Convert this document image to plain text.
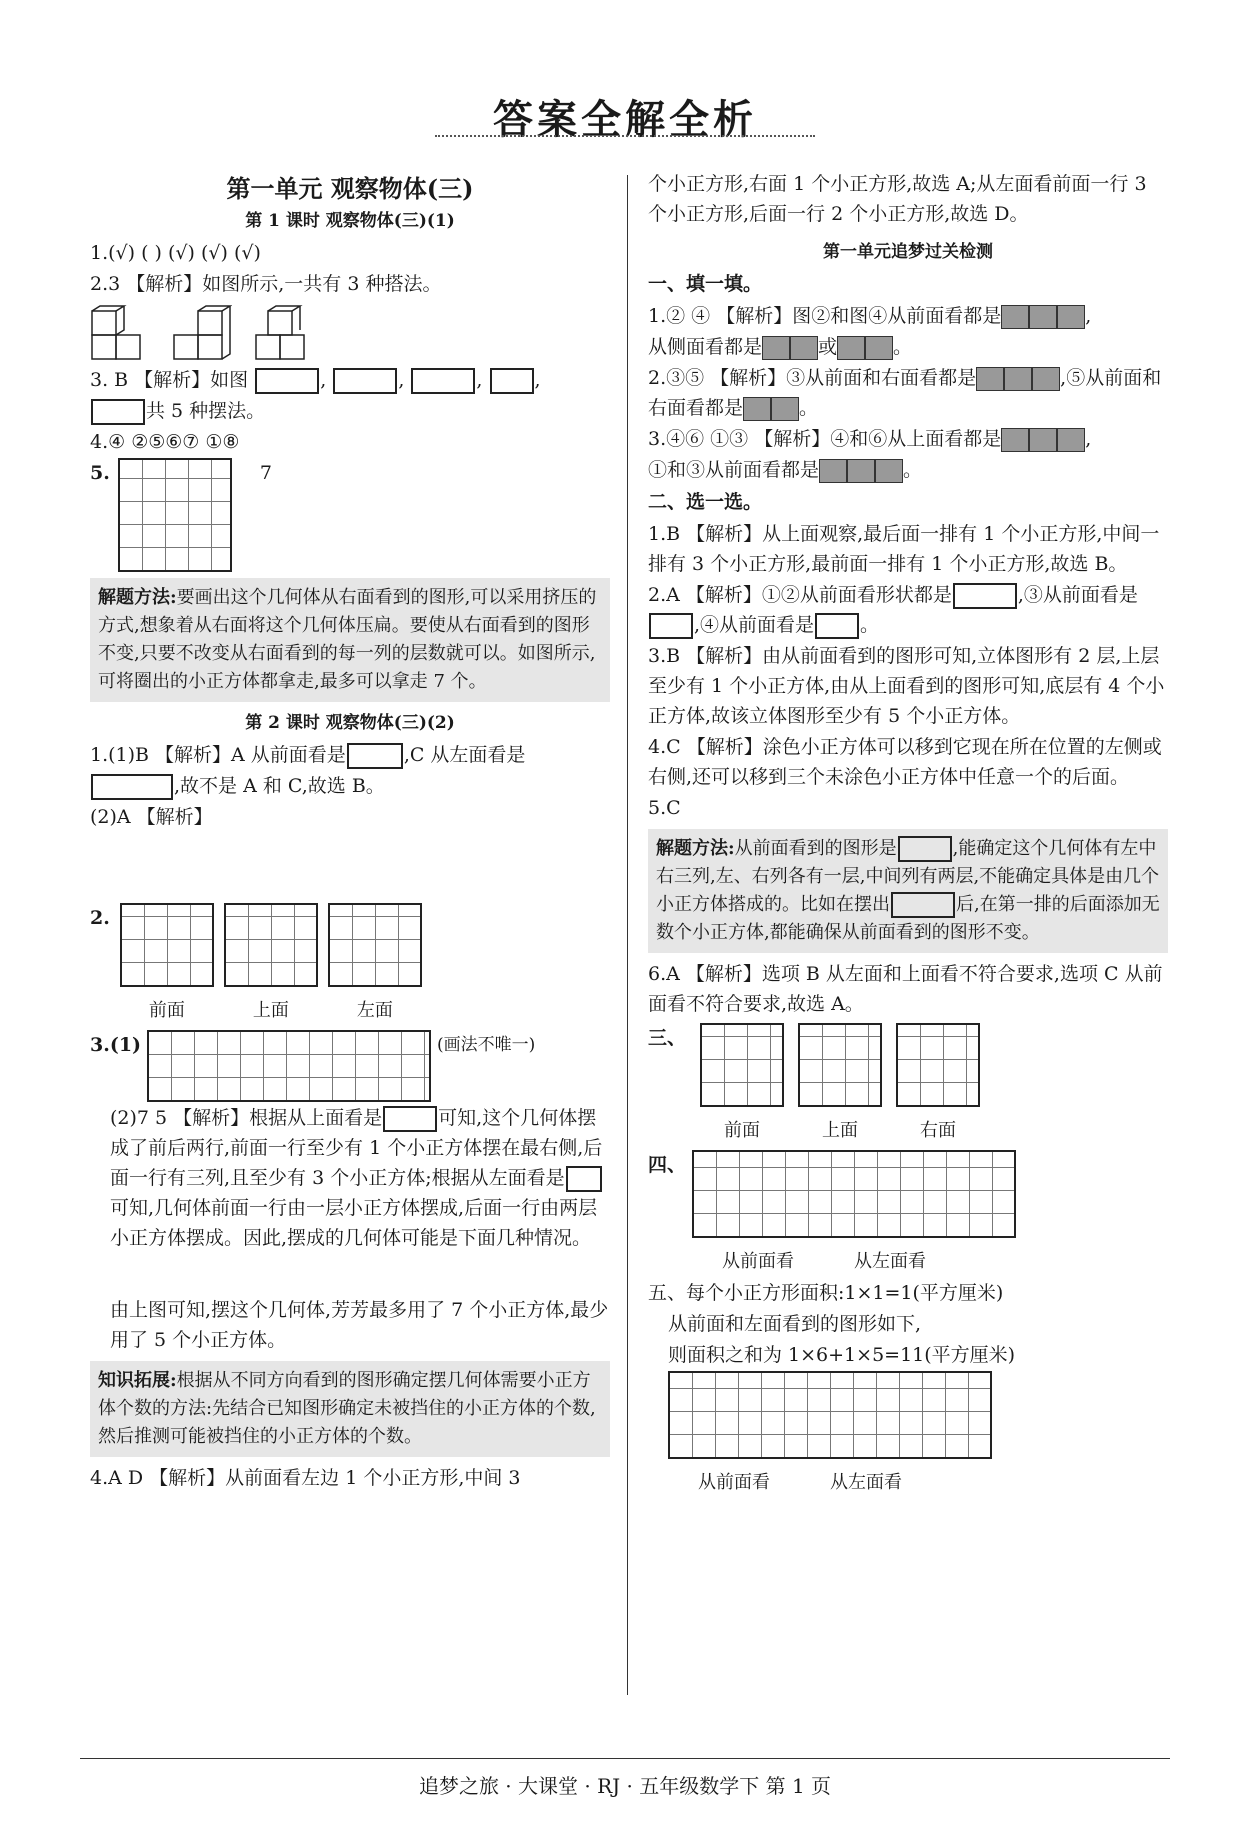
答案全解全析
第一单元 观察物体(三)
第 1 课时 观察物体(三)(1)

1.(√) ( ) (√) (√) (√)

2.3 【解析】如图所示,一共有 3 种搭法。

3. B 【解析】如图	,	,	, ,

共 5 种摆法。

4.④ ②⑤⑥⑦ ①⑧

5.	7
解题方法:要画出这个几何体从右面看到的图形,可以采用挤压的方式,想象着从右面将这个几何体压扁。要使从右面看到的图形不变,只要不改变从右面看到的每一列的层数就可以。如图所示,可将圈出的小正方体都拿走,最多可以拿走 7 个。
第 2 课时 观察物体(三)(2)

1.(1)B 【解析】A 从前面看是	,C 从左面看是

,故不是 A 和 C,故选 B。

(2)A 【解析】

2.
前面	上面	左面
3.(1)	(画法不唯一)

(2)7 5 【解析】根据从上面看是	可知,这个几何体摆成了前后两行,前面一行至少有 1 个小正方体摆在最右侧,后面一行有三列,且至少有 3 个小正方体;根据从左面看是可知,几何体前面一行由一层小正方体摆成,后面一行由两层小正方体摆成。因此,摆成的几何体可能是下面几种情况。

由上图可知,摆这个几何体,芳芳最多用了 7 个小正方体,最少用了 5 个小正方体。

知识拓展:根据从不同方向看到的图形确定摆几何体需要小正方体个数的方法:先结合已知图形确定未被挡住的小正方体的个数,然后推测可能被挡住的小正方体的个数。

4.A D 【解析】从前面看左边 1 个小正方形,中间 3

个小正方形,右面 1 个小正方形,故选 A;从左面看前面一行 3 个小正方形,后面一行 2 个小正方形,故选 D。

第一单元追梦过关检测

一、填一填。

1.② ④ 【解析】图②和图④从前面看都是	,

从侧面看都是	或	。

2.③⑤ 【解析】③从前面和右面看都是	,⑤从前面和右面看都是	。

3.④⑥ ①③ 【解析】④和⑥从上面看都是	,

①和③从前面看都是	。

二、选一选。

1.B 【解析】从上面观察,最后面一排有 1 个小正方形,中间一排有 3 个小正方形,最前面一排有 1 个小正方形,故选 B。

2.A 【解析】①②从前面看形状都是	,③从前面看是,④从前面看是 。

3.B 【解析】由从前面看到的图形可知,立体图形有 2 层,上层至少有 1 个小正方体,由从上面看到的图形可知,底层有 4 个小正方体,故该立体图形至少有 5 个小正方体。

4.C 【解析】涂色小正方体可以移到它现在所在位置的左侧或右侧,还可以移到三个未涂色小正方体中任意一个的后面。

5.C

解题方法:从前面看到的图形是	,能确定这个几何体有左中右三列,左、右列各有一层,中间列有两层,不能确定具体是由几个小正方体搭成的。比如在摆出	后,在第一排的后面添加无数个小正方体,都能确保从前面看到的图形不变。

6.A 【解析】选项 B 从左面和上面看不符合要求,选项 C 从前面看不符合要求,故选 A。

三、
前面	上面	右面
四、
从前面看	从左面看

五、每个小正方形面积:1×1=1(平方厘米)

从前面和左面看到的图形如下,

则面积之和为 1×6+1×5=11(平方厘米)

从前面看	从左面看
追梦之旅 · 大课堂 · RJ · 五年级数学下 第 1 页
